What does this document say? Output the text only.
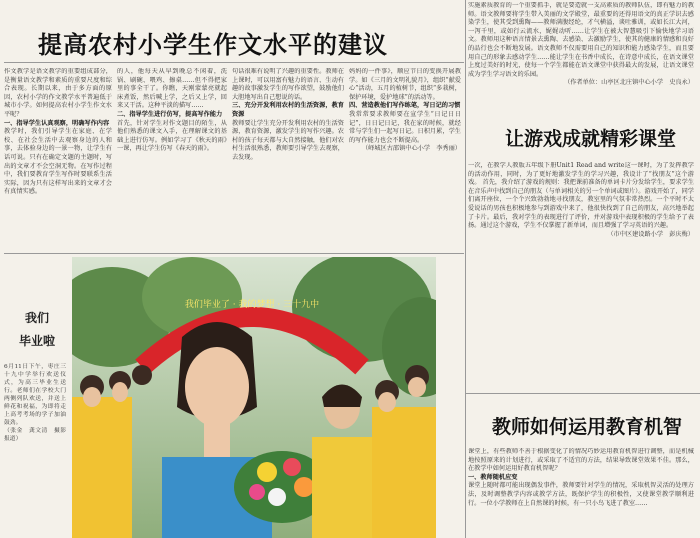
实施素质教育的一个重要抓手，就是要造就一支高素质的教师队伍，即有魅力的教师。语文教师要将学生带入美丽的文学殿堂，最重要的还得用语文的真正学识去感染学生，使其受到熏陶——教师满腹经纶，才气横溢，谈吐雅训，或如长江大河，一泻千里，或如行云流水，娓娓动听……让学生在被大智慧吸引下愉快地学习语文。教师用这种语言情景去熏陶、去感染、去激励学生，使其的健康的情感和良好的品行也会不断地发展。语文教师不仅需要用自己的知识和能力感染学生，而且要用自己的形象去感动学生……能让学生在书香中成长，在诗意中成长，在语文课堂上度过美好的时光，使每一个学生都能在语文课堂中获得最大的发展，让语文课堂成为学生学习语文的乐园。
（作者单位：山亭区北庄镇中心小学　史良永）
提高农村小学生作文水平的建议
作文教学是语文教学的重要组成部分，是衡量语文教学和素质的重要尺度和综合表现。长期以来，由于多方面的原因，农村小学的作文教学水平普遍低于城市小学。如何提高农村小学生作文水平呢？
一、指导学生认真观察，明确写作内容
教学时，我们引导学生在家庭、在学校、在社会生活中去观察身边的人和事，去体验身边的一景一物，让学生有话可说。只有在确定文题的主题时，写出的文章才不会空洞无物。在写作过程中，我们要教育学生写作时要联系生活实际，因为只有这样写出来的文章才会有真情实感。
的人，他每天从早到晚总不闲着，洗锅、刷碗、喂鸡、擦桌……但不得把家里的事全干了。你瞧，天刚蒙蒙亮就起床煮饭，然后喊上学，之后又上学，回来又干活。这种平淡的描写……
二、指导学生进行仿写，提高写作能力
首先，针对学生对作文题目的陌生，从他们熟悉的课文入手，在理解课文的基础上进行仿写。例如学习了《秋天的雨》一课，再让学生仿写《春天的雨》。
句话很难有说明了兴趣的重要性。教师在上课时，可以用富有魅力的语言、生动有趣的故事激发学生的写作欲望，鼓励他们大胆地写出自己想说的话。
三、充分开发利用农村的生活资源，教育资源
教师要让学生充分开发利用农村的生活资源，教育资源，激发学生的写作兴趣。农村的孩子每天都与大自然接触，他们对农村生活很熟悉，教师要引导学生去观察，去发现。
妈妈的一件事》，顺应节日的变换开展教学。如《三月的文明礼貌月》，组织“献爱心”活动，五月的植树节，组织“多栽树，保护环境，爱护地球”的活动等。
四、营造教他们写作练笔，写日记的习惯
我常常要求教师要在宣学生“日记日日记”，日日记日记，我在家的时候，就经常与学生们一起写日记。日积月累，学生的写作能力也会不断提高。
（峄城区古邵镇中心小学　李秀丽）
我们
毕业啦
6月11日下午，枣庄三十九中学举行欢送仪式，为高三毕业生送行。老师们在学校大门两侧列队欢送，并送上鲜花和祝福，为即将走上高考考场的学子加油鼓劲。
（张金　龚文清　摄影报道）
我们毕业了 · 我的梦想 · 三十九中
让游戏成就精彩课堂
一次，在教学人教版五年级下册Unit1 Read and write这一课时，为了发挥教学的活动作用，同时，为了更好地激发学生的学习兴趣，我设计了“找朋友”这个游戏。 首先，我介绍了游戏的规则：我把课前准备的单词卡片分发给学生，要求学生在音乐声中找到自己的朋友（与单词相关的另一个单词或图片）。游戏开始了，同学们离开座位，一个个兴致勃勃地寻找朋友，教室里的气氛非常热烈。一个平时不太爱说话的男孩也积极地参与到游戏中来了，他很快找到了自己的朋友，高兴地举起了卡片。最后，我对学生的表现进行了评价，并对游戏中表现积极的学生给予了表扬。通过这个游戏，学生不仅掌握了新单词，而且增强了学习英语的兴趣。
（市中区建设路小学　彭庆梅）
教师如何运用教育机智
课堂上，有些教师不善于根据变化了的情况巧妙运用教育机智进行调整，而是机械地按照原来的计划进行，或采取了不适宜的方法，结果导致课堂效果不佳。那么，在教学中如何运用好教育机智呢？
一、教师随机应变
课堂上随时都可能出现偶发事件，教师要针对学生的情况，采取机智灵活的处理方法，及时调整教学内容或教学方法，既保护学生的积极性，又使课堂教学顺利进行。一位小学教师在上自然课的时候，有一只小鸟飞进了教室……
